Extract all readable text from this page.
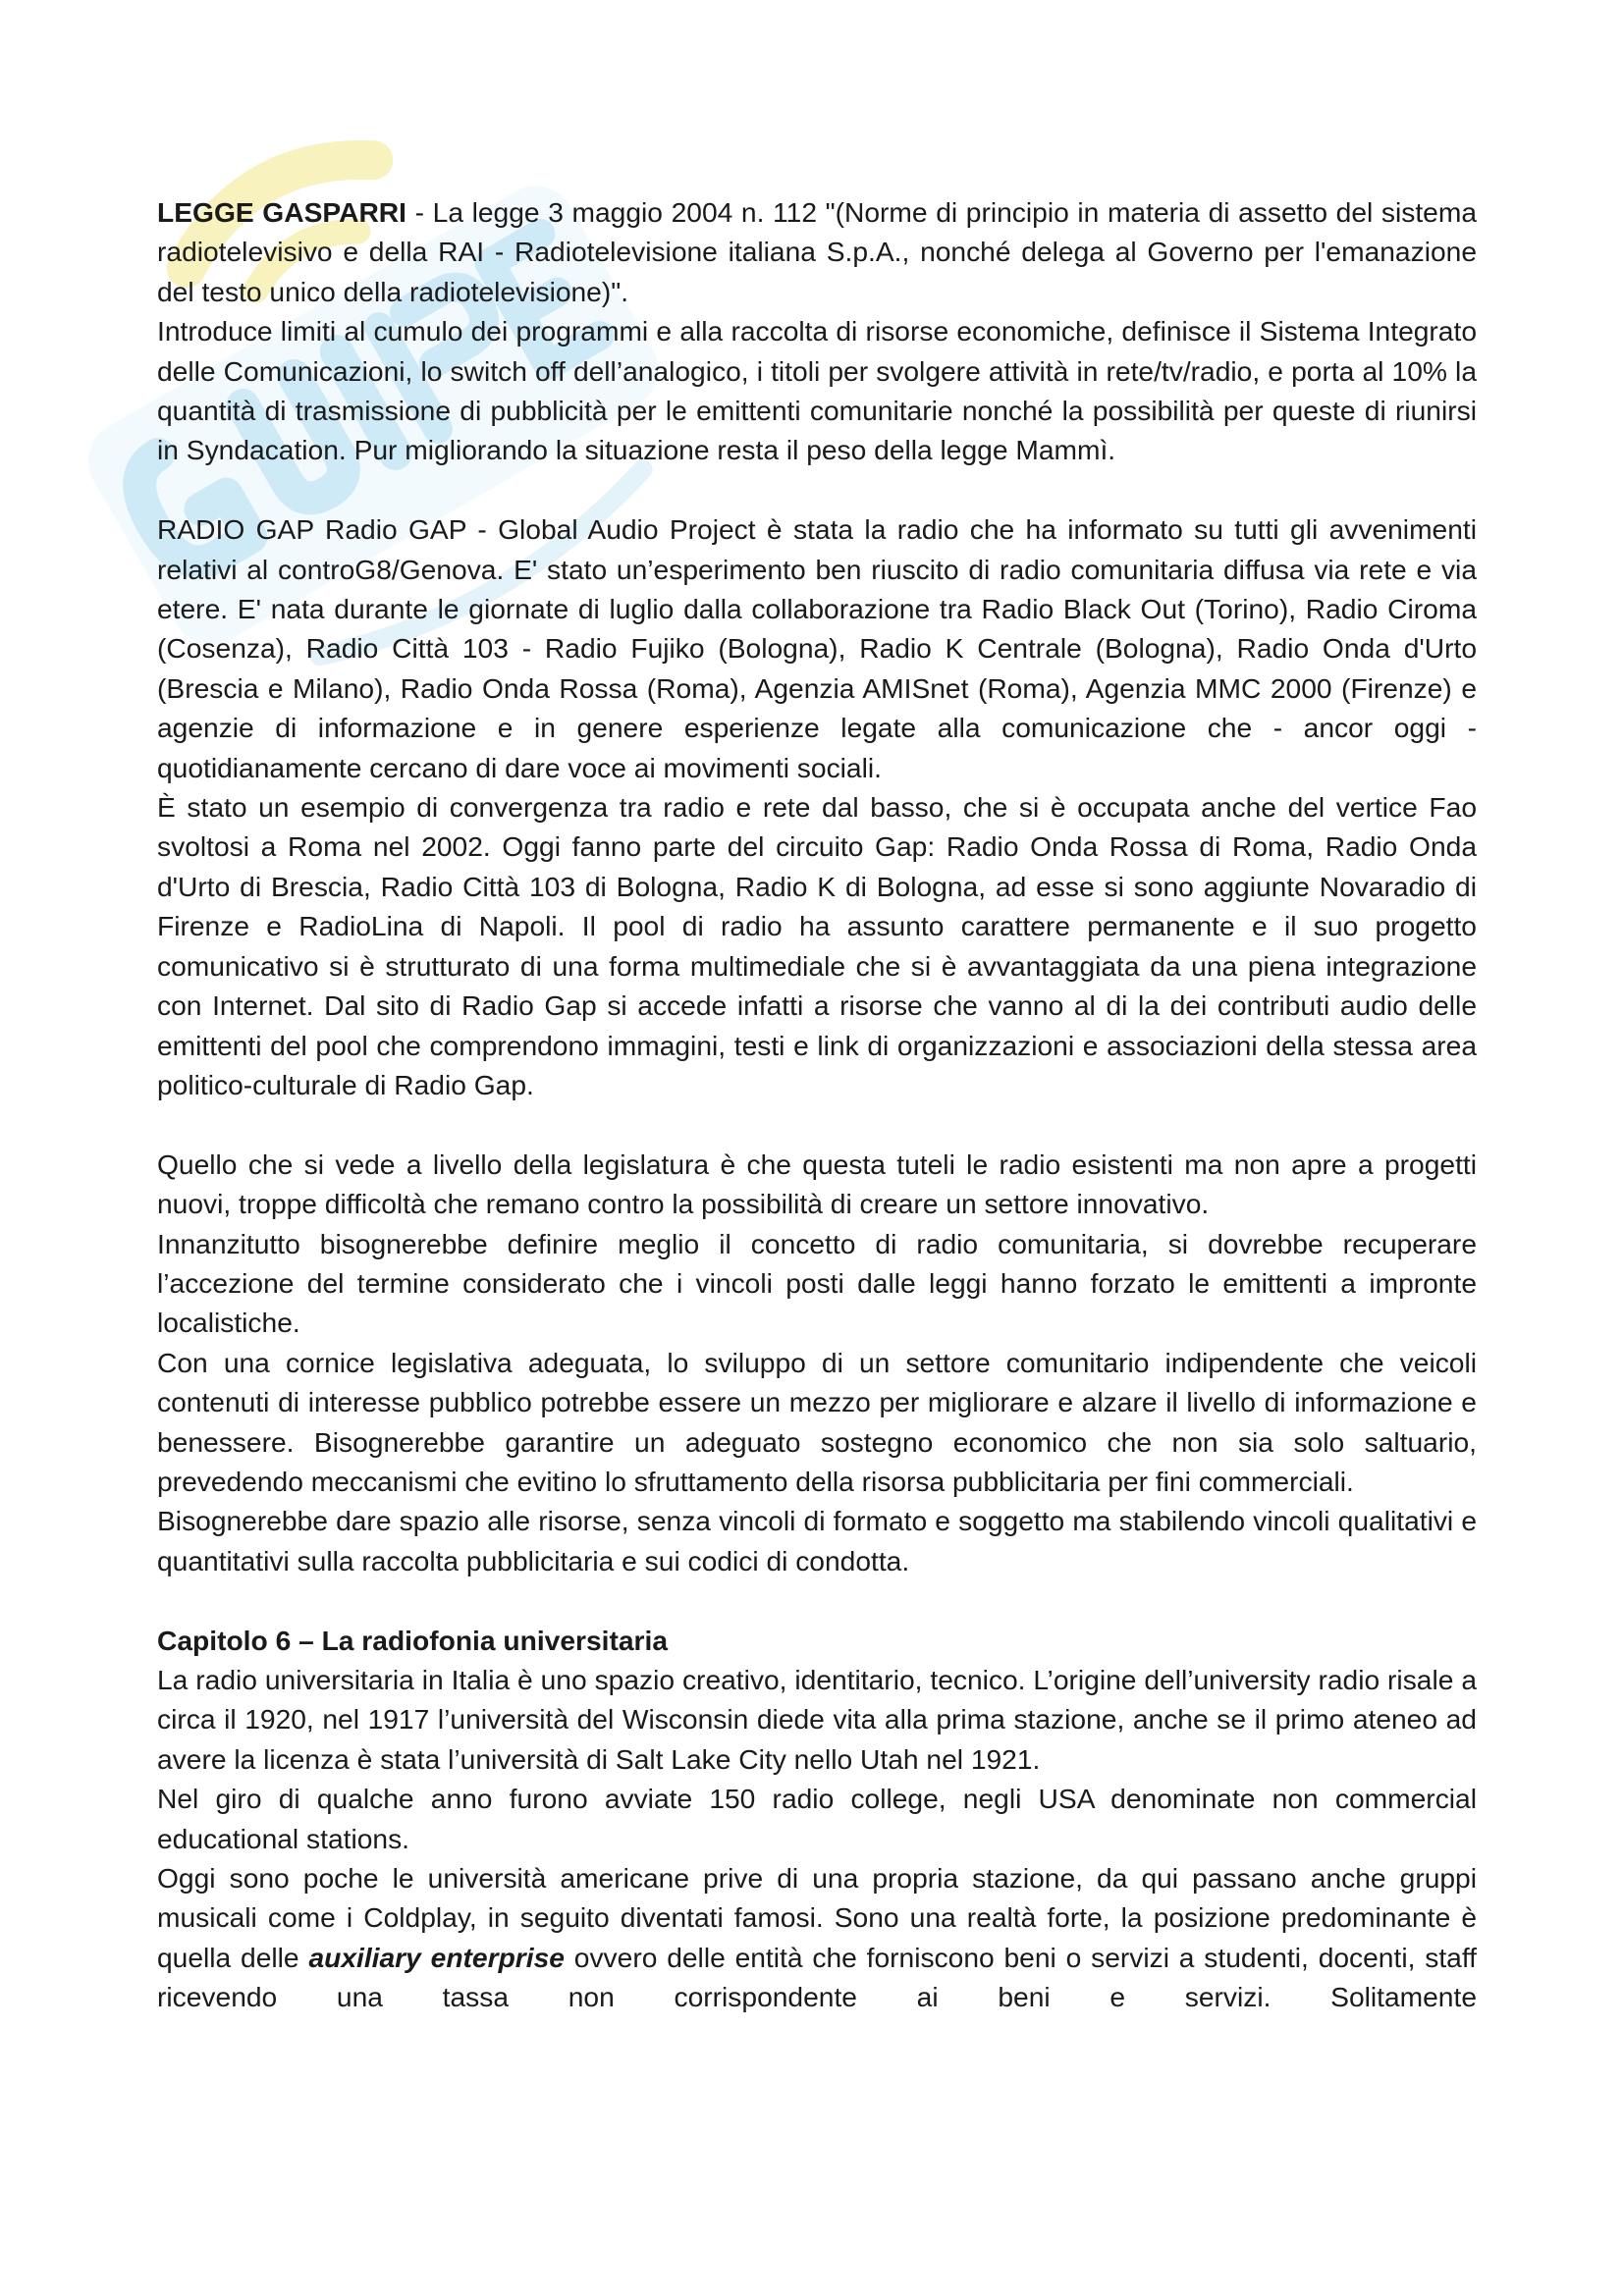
LEGGE GASPARRI - La legge 3 maggio 2004 n. 112 "(Norme di principio in materia di assetto del sistema radiotelevisivo e della RAI - Radiotelevisione italiana S.p.A., nonché delega al Governo per l'emanazione del testo unico della radiotelevisione)".

Introduce limiti al cumulo dei programmi e alla raccolta di risorse economiche, definisce il Sistema Integrato delle Comunicazioni, lo switch off dell’analogico, i titoli per svolgere attività in rete/tv/radio, e porta al 10% la quantità di trasmissione di pubblicità per le emittenti comunitarie nonché la possibilità per queste di riunirsi in Syndacation. Pur migliorando la situazione resta il peso della legge Mammì.

RADIO GAP Radio GAP - Global Audio Project è stata la radio che ha informato su tutti gli avvenimenti relativi al controG8/Genova. E' stato un’esperimento ben riuscito di radio comunitaria diffusa via rete e via etere. E' nata durante le giornate di luglio dalla collaborazione tra Radio Black Out (Torino), Radio Ciroma (Cosenza), Radio Città 103 - Radio Fujiko (Bologna), Radio K Centrale (Bologna), Radio Onda d'Urto (Brescia e Milano), Radio Onda Rossa (Roma), Agenzia AMISnet (Roma), Agenzia MMC 2000 (Firenze) e agenzie di informazione e in genere esperienze legate alla comunicazione che - ancor oggi - quotidianamente cercano di dare voce ai movimenti sociali.

È stato un esempio di convergenza tra radio e rete dal basso, che si è occupata anche del vertice Fao svoltosi a Roma nel 2002. Oggi fanno parte del circuito Gap: Radio Onda Rossa di Roma, Radio Onda d'Urto di Brescia, Radio Città 103 di Bologna, Radio K di Bologna, ad esse si sono aggiunte Novaradio di Firenze e RadioLina di Napoli. Il pool di radio ha assunto carattere permanente e il suo progetto comunicativo si è strutturato di una forma multimediale che si è avvantaggiata da una piena integrazione con Internet. Dal sito di Radio Gap si accede infatti a risorse che vanno al di la dei contributi audio delle emittenti del pool che comprendono immagini, testi e link di organizzazioni e associazioni della stessa area politico-culturale di Radio Gap.

Quello che si vede a livello della legislatura è che questa tuteli le radio esistenti ma non apre a progetti nuovi, troppe difficoltà che remano contro la possibilità di creare un settore innovativo.

Innanzitutto bisognerebbe definire meglio il concetto di radio comunitaria, si dovrebbe recuperare l’accezione del termine considerato che i vincoli posti dalle leggi hanno forzato le emittenti a impronte localistiche.

Con una cornice legislativa adeguata, lo sviluppo di un settore comunitario indipendente che veicoli contenuti di interesse pubblico potrebbe essere un mezzo per migliorare e alzare il livello di informazione e benessere. Bisognerebbe garantire un adeguato sostegno economico che non sia solo saltuario, prevedendo meccanismi che evitino lo sfruttamento della risorsa pubblicitaria per fini commerciali.

Bisognerebbe dare spazio alle risorse, senza vincoli di formato e soggetto ma stabilendo vincoli qualitativi e quantitativi sulla raccolta pubblicitaria e sui codici di condotta.

Capitolo 6 – La radiofonia universitaria

La radio universitaria in Italia è uno spazio creativo, identitario, tecnico. L’origine dell’university radio risale a circa il 1920, nel 1917 l’università del Wisconsin diede vita alla prima stazione, anche se il primo ateneo ad avere la licenza è stata l’università di Salt Lake City nello Utah nel 1921.

Nel giro di qualche anno furono avviate 150 radio college, negli USA denominate non commercial educational stations.

Oggi sono poche le università americane prive di una propria stazione, da qui passano anche gruppi musicali come i Coldplay, in seguito diventati famosi. Sono una realtà forte, la posizione predominante è quella delle auxiliary enterprise ovvero delle entità che forniscono beni o servizi a studenti, docenti, staff ricevendo una tassa non corrispondente ai beni e servizi. Solitamente
